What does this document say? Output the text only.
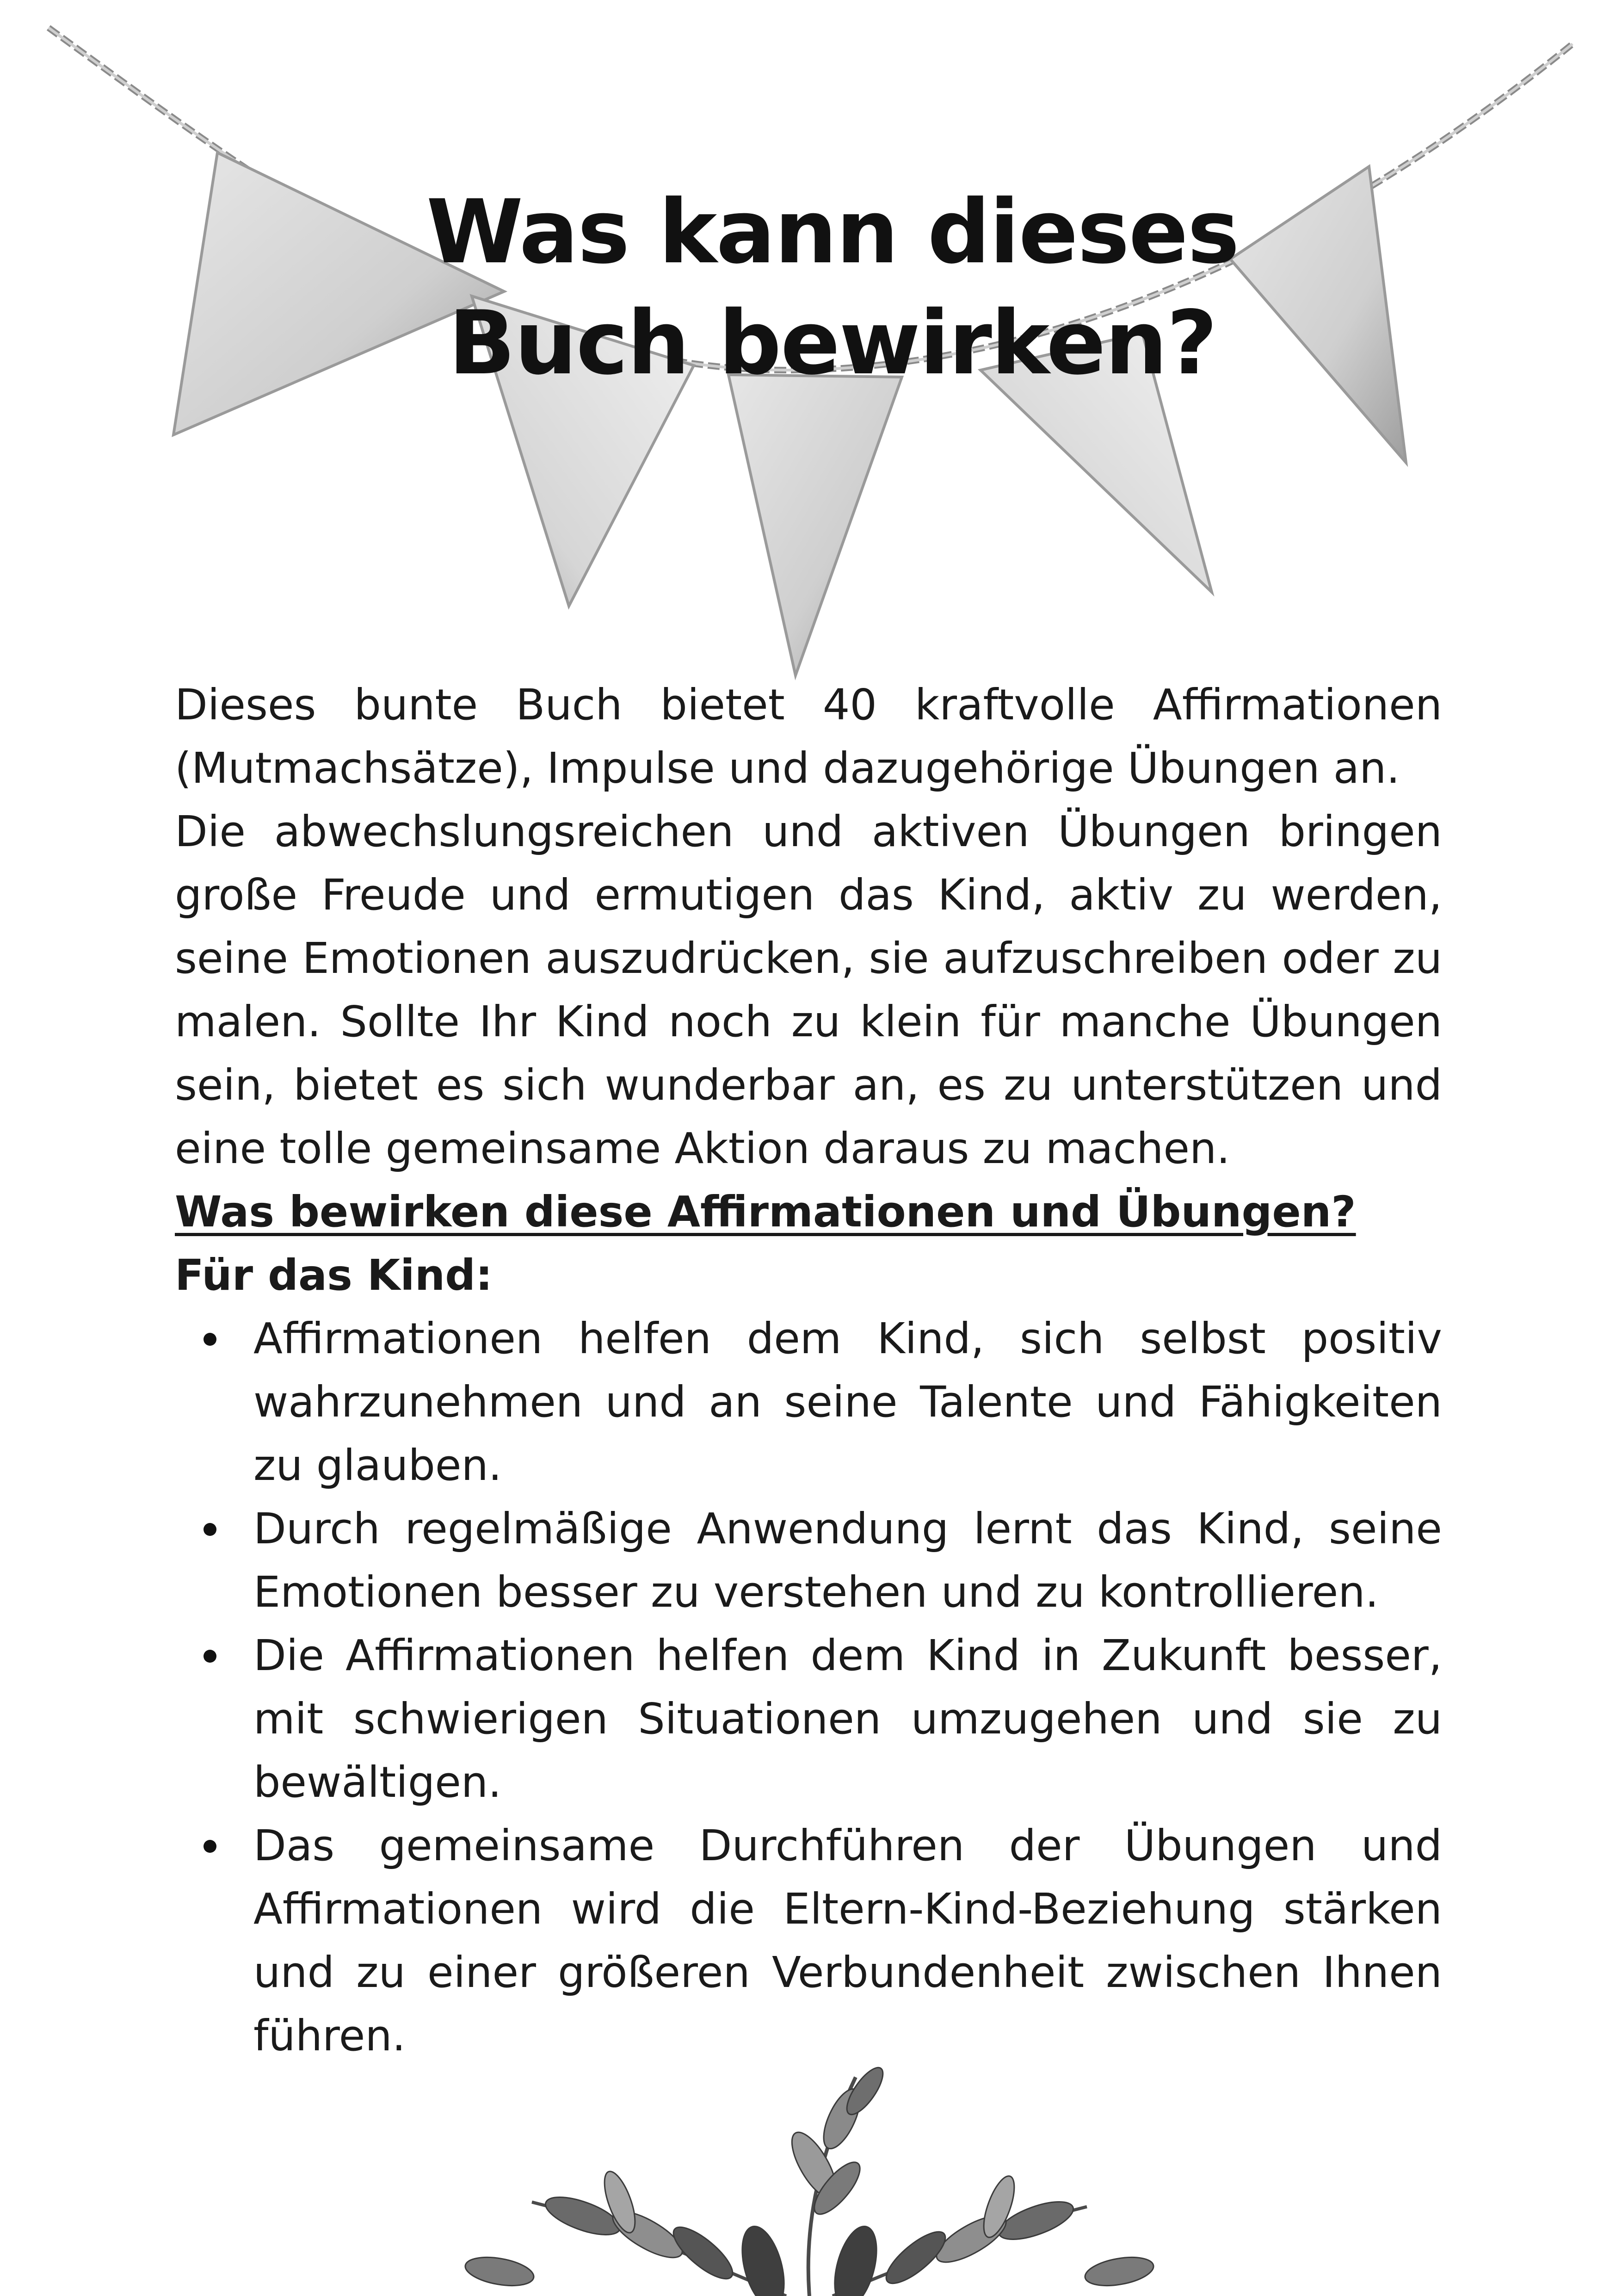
Was kann dieses
Buch bewirken?

Dieses bunte Buch bietet 40 kraftvolle Affirmationen (Mutmachsätze), Impulse und dazugehörige Übungen an.

Die abwechslungsreichen und aktiven Übungen bringen große Freude und ermutigen das Kind, aktiv zu werden, seine Emotionen auszudrücken, sie aufzuschreiben oder zu malen. Sollte Ihr Kind noch zu klein für manche Übungen sein, bietet es sich wunderbar an, es zu unterstützen und eine tolle gemeinsame Aktion daraus zu machen.

Was bewirken diese Affirmationen und Übungen?

Für das Kind:

Affirmationen helfen dem Kind, sich selbst positiv wahrzunehmen und an seine Talente und Fähigkeiten zu glauben.
Durch regelmäßige Anwendung lernt das Kind, seine Emotionen besser zu verstehen und zu kontrollieren.
Die Affirmationen helfen dem Kind in Zukunft besser, mit schwierigen Situationen umzugehen und sie zu bewältigen.
Das gemeinsame Durchführen der Übungen und Affirmationen wird die Eltern-Kind-Beziehung stärken und zu einer größeren Verbundenheit zwischen Ihnen führen.
